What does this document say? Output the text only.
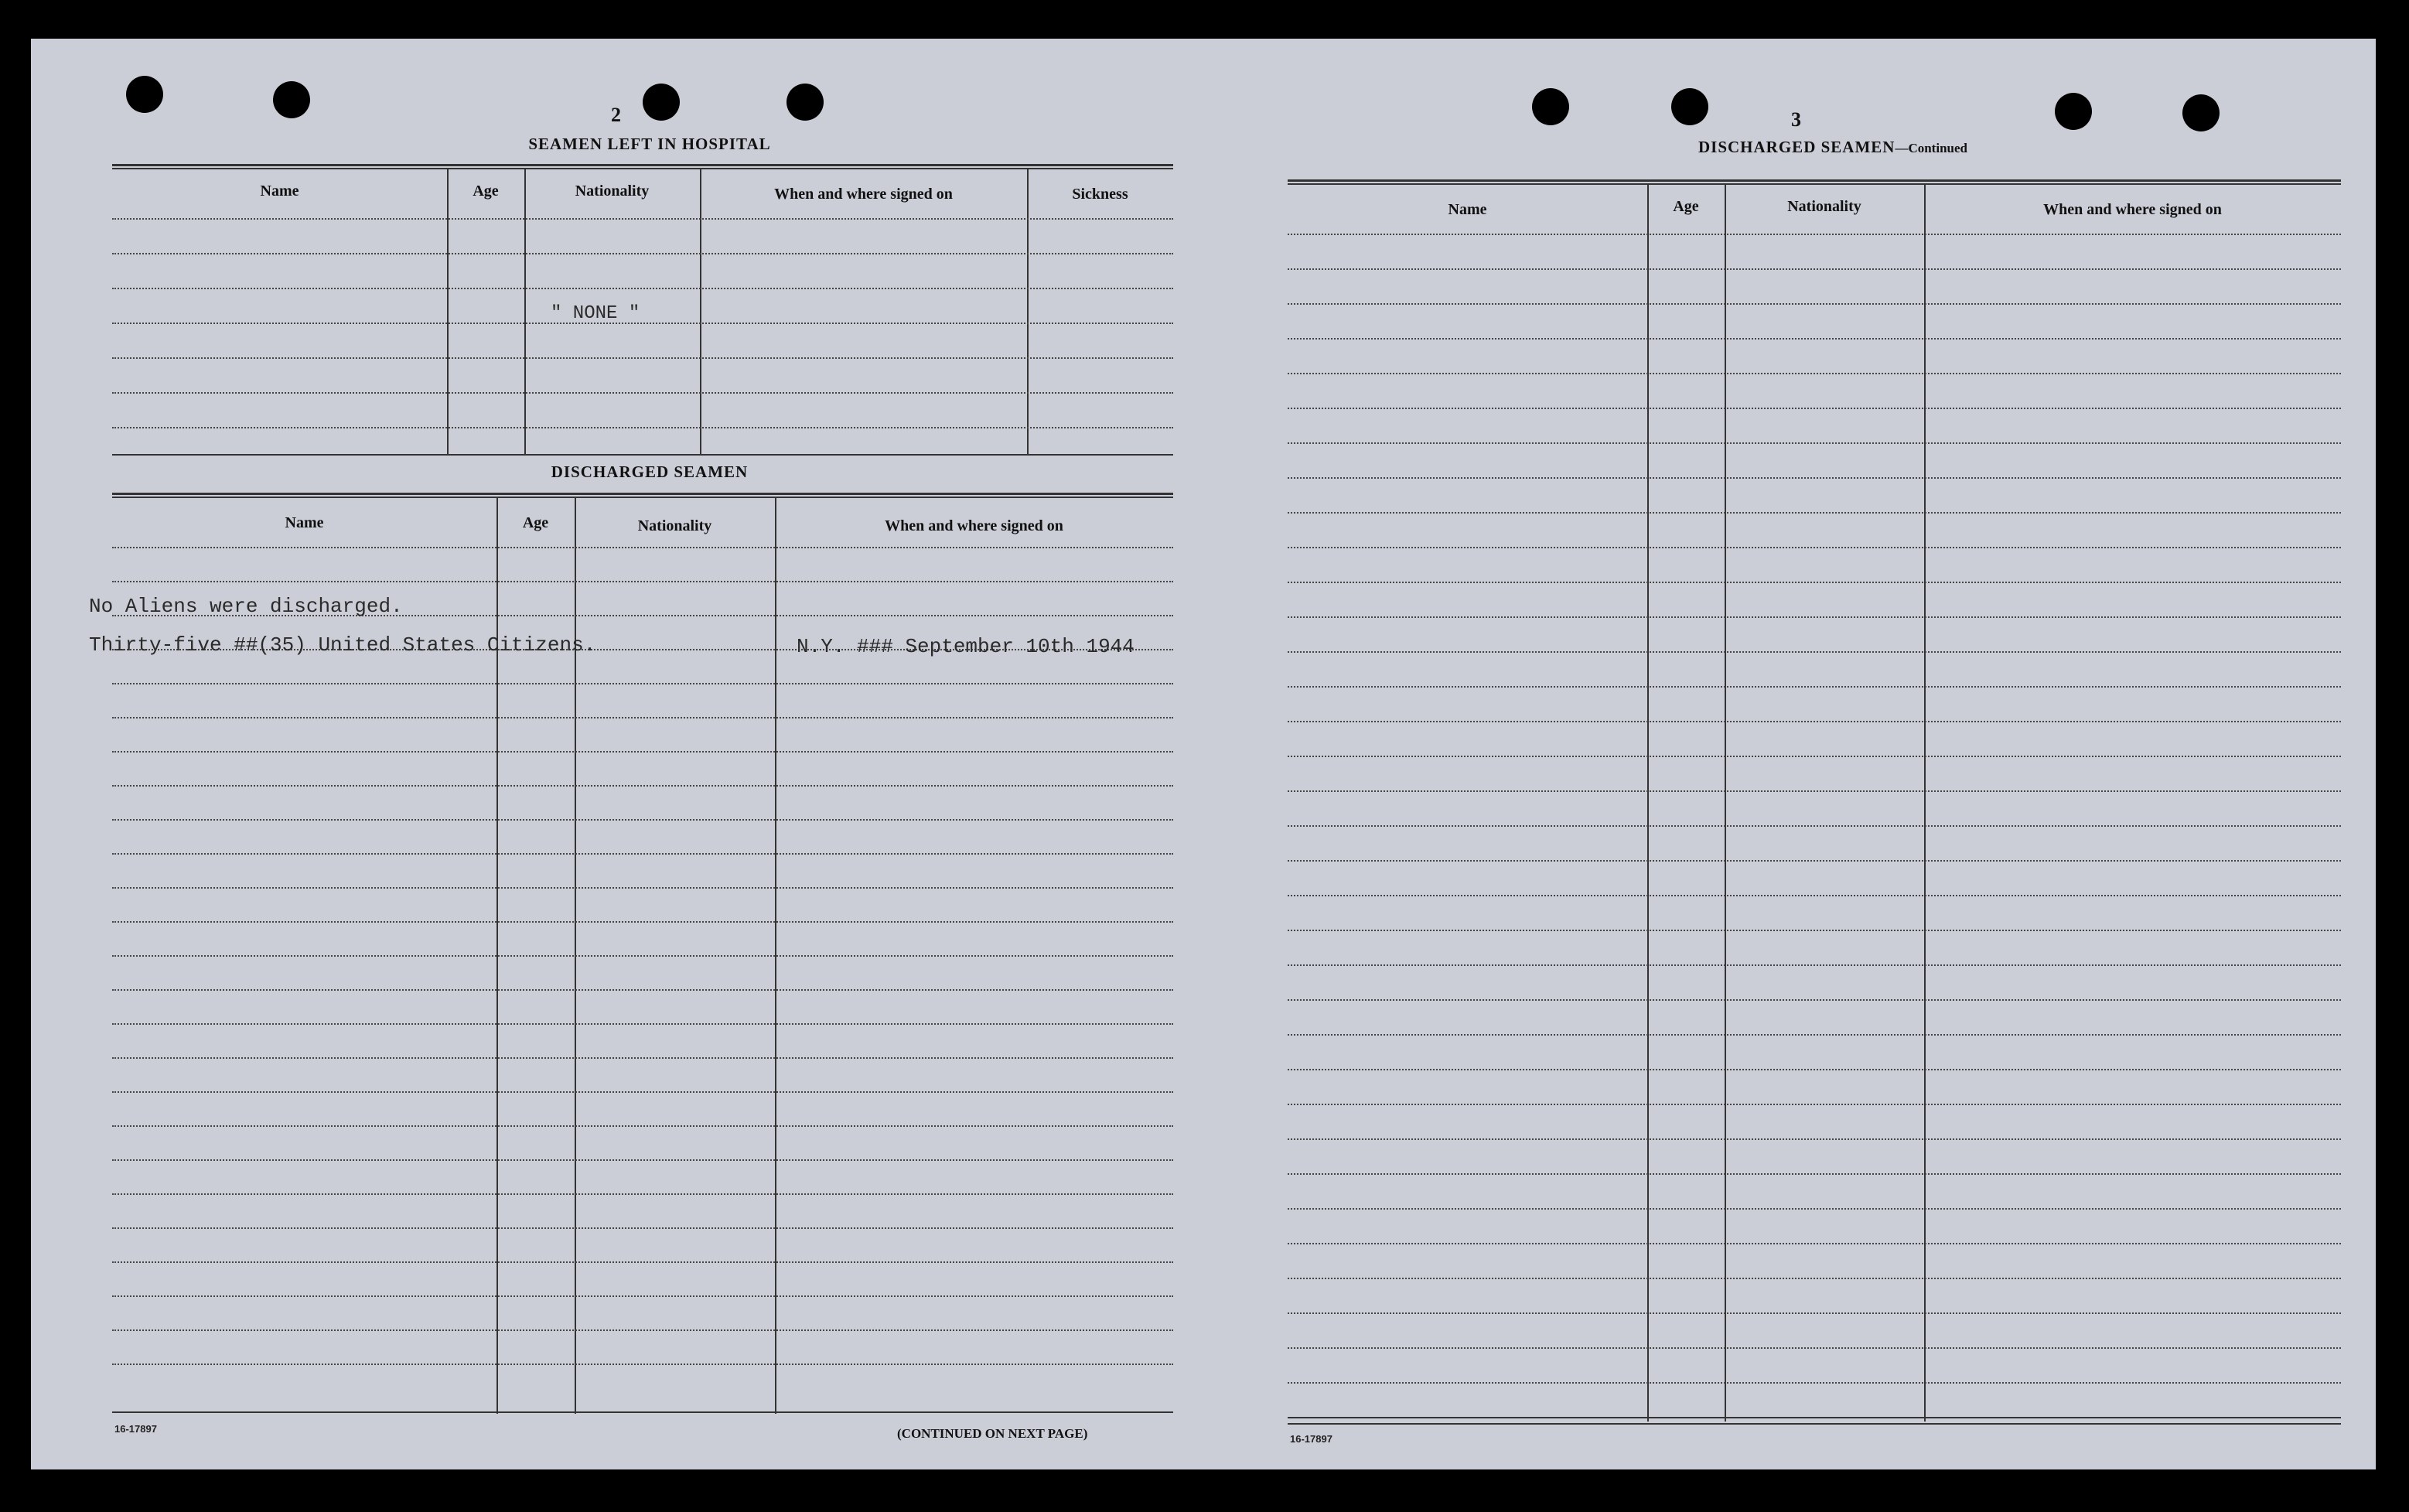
2
SEAMEN LEFT IN HOSPITAL
Name	Age	Nationality	When and where signed on	Sickness
" NONE "
DISCHARGED SEAMEN
Name	Age	Nationality	When and where signed on
No Aliens were discharged.
Thirty-five ##(35) United States Citizens.	N.Y. ### September 10th 1944
16-17897	(CONTINUED ON NEXT PAGE)
3
DISCHARGED SEAMEN—Continued
Name	Age	Nationality	When and where signed on
16-17897
